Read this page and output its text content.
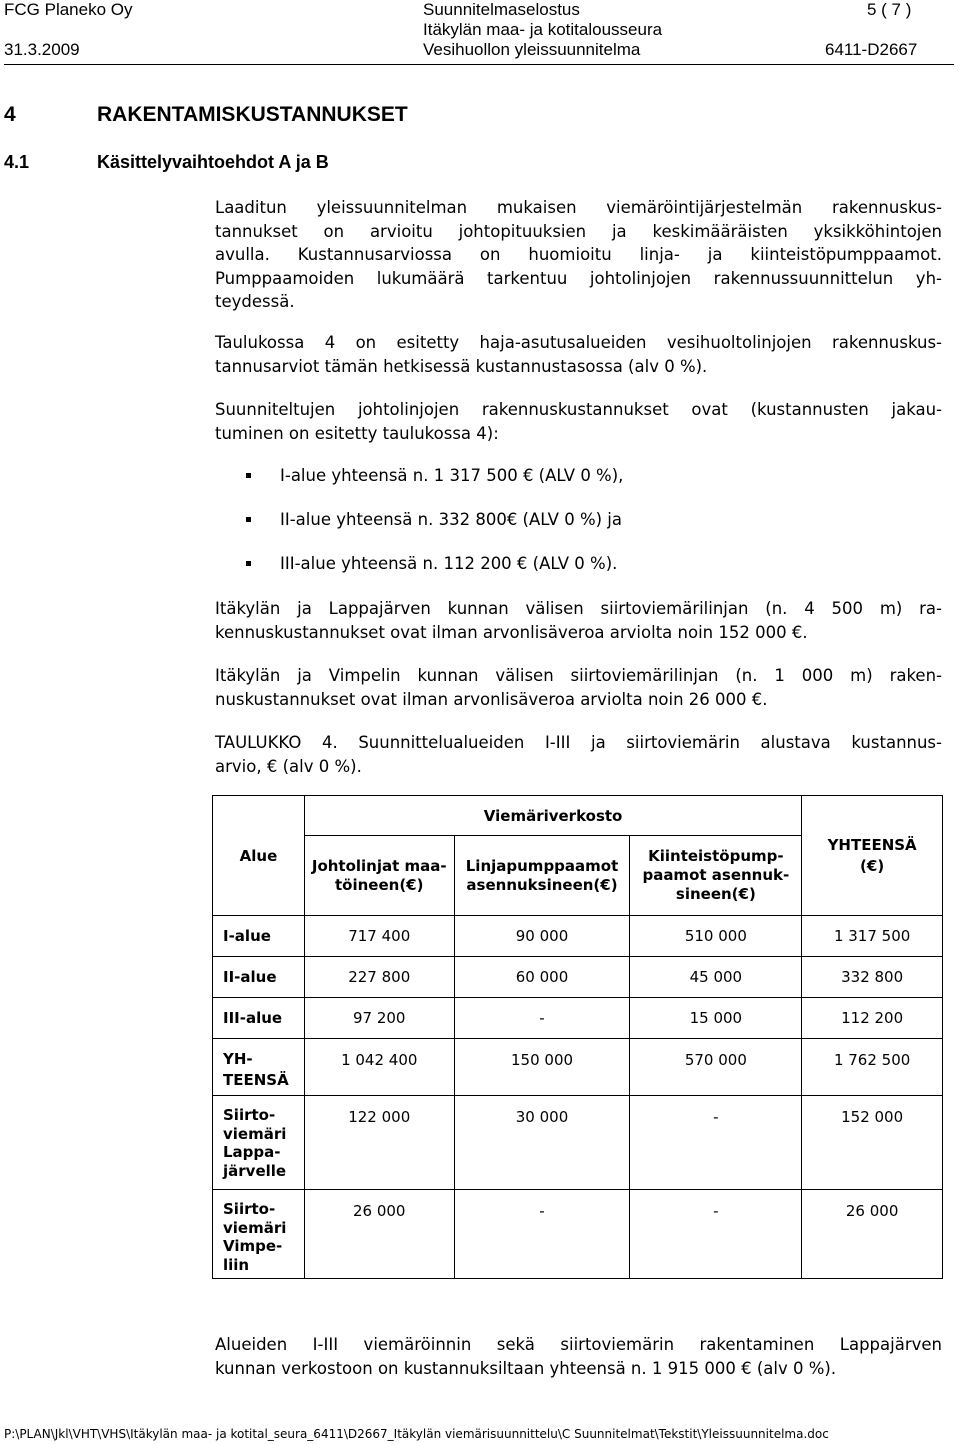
FCG Planeko Oy
31.3.2009
Suunnitelmaselostus
Itäkylän maa- ja kotitalousseura
Vesihuollon yleissuunnitelma
5 ( 7 )
6411-D2667
4	RAKENTAMISKUSTANNUKSET
4.1	Käsittelyvaihtoehdot A ja B
Laaditun yleissuunnitelman mukaisen viemäröintijärjestelmän rakennuskus-
tannukset on arvioitu johtopituuksien ja keskimääräisten yksikköhintojen
avulla. Kustannusarviossa on huomioitu linja- ja kiinteistöpumppaamot.
Pumppaamoiden lukumäärä tarkentuu johtolinjojen rakennussuunnittelun yh-
teydessä.
Taulukossa 4 on esitetty haja-asutusalueiden vesihuoltolinjojen rakennuskus-
tannusarviot tämän hetkisessä kustannustasossa (alv 0 %).
Suunniteltujen johtolinjojen rakennuskustannukset ovat (kustannusten jakau-
tuminen on esitetty taulukossa 4):
I-alue yhteensä n. 1 317 500 € (ALV 0 %),
II-alue yhteensä n. 332 800€ (ALV 0 %) ja
III-alue yhteensä n. 112 200 € (ALV 0 %).
Itäkylän ja Lappajärven kunnan välisen siirtoviemärilinjan (n. 4 500 m) ra-
kennuskustannukset ovat ilman arvonlisäveroa arviolta noin 152 000 €.
Itäkylän ja Vimpelin kunnan välisen siirtoviemärilinjan (n. 1 000 m) raken-
nuskustannukset ovat ilman arvonlisäveroa arviolta noin 26 000 €.
TAULUKKO 4. Suunnittelualueiden I-III ja siirtoviemärin alustava kustannus-
arvio, € (alv 0 %).
Alue	Viemäriverkosto			YHTEENSÄ
(€)

	Johtolinjat maa-
töineen(€)	Linjapumppaamot
asennuksineen(€)	Kiinteistöpump-
paamot asennuk-
sineen(€)	

I-alue	717 400	90 000	510 000	1 317 500
II-alue	227 800	60 000	45 000	332 800
III-alue	97 200	-	15 000	112 200
YH-
TEENSÄ	1 042 400	150 000	570 000	1 762 500
Siirto-
viemäri
Lappa-
järvelle	122 000	30 000	-	152 000
Siirto-
viemäri
Vimpe-
liin	26 000	-	-	26 000
Alueiden I-III viemäröinnin sekä siirtoviemärin rakentaminen Lappajärven
kunnan verkostoon on kustannuksiltaan yhteensä n. 1 915 000 € (alv 0 %).
P:\PLAN\Jkl\VHT\VHS\Itäkylän maa- ja kotital_seura_6411\D2667_Itäkylän viemärisuunnittelu\C Suunnitelmat\Tekstit\Yleissuunnitelma.doc
